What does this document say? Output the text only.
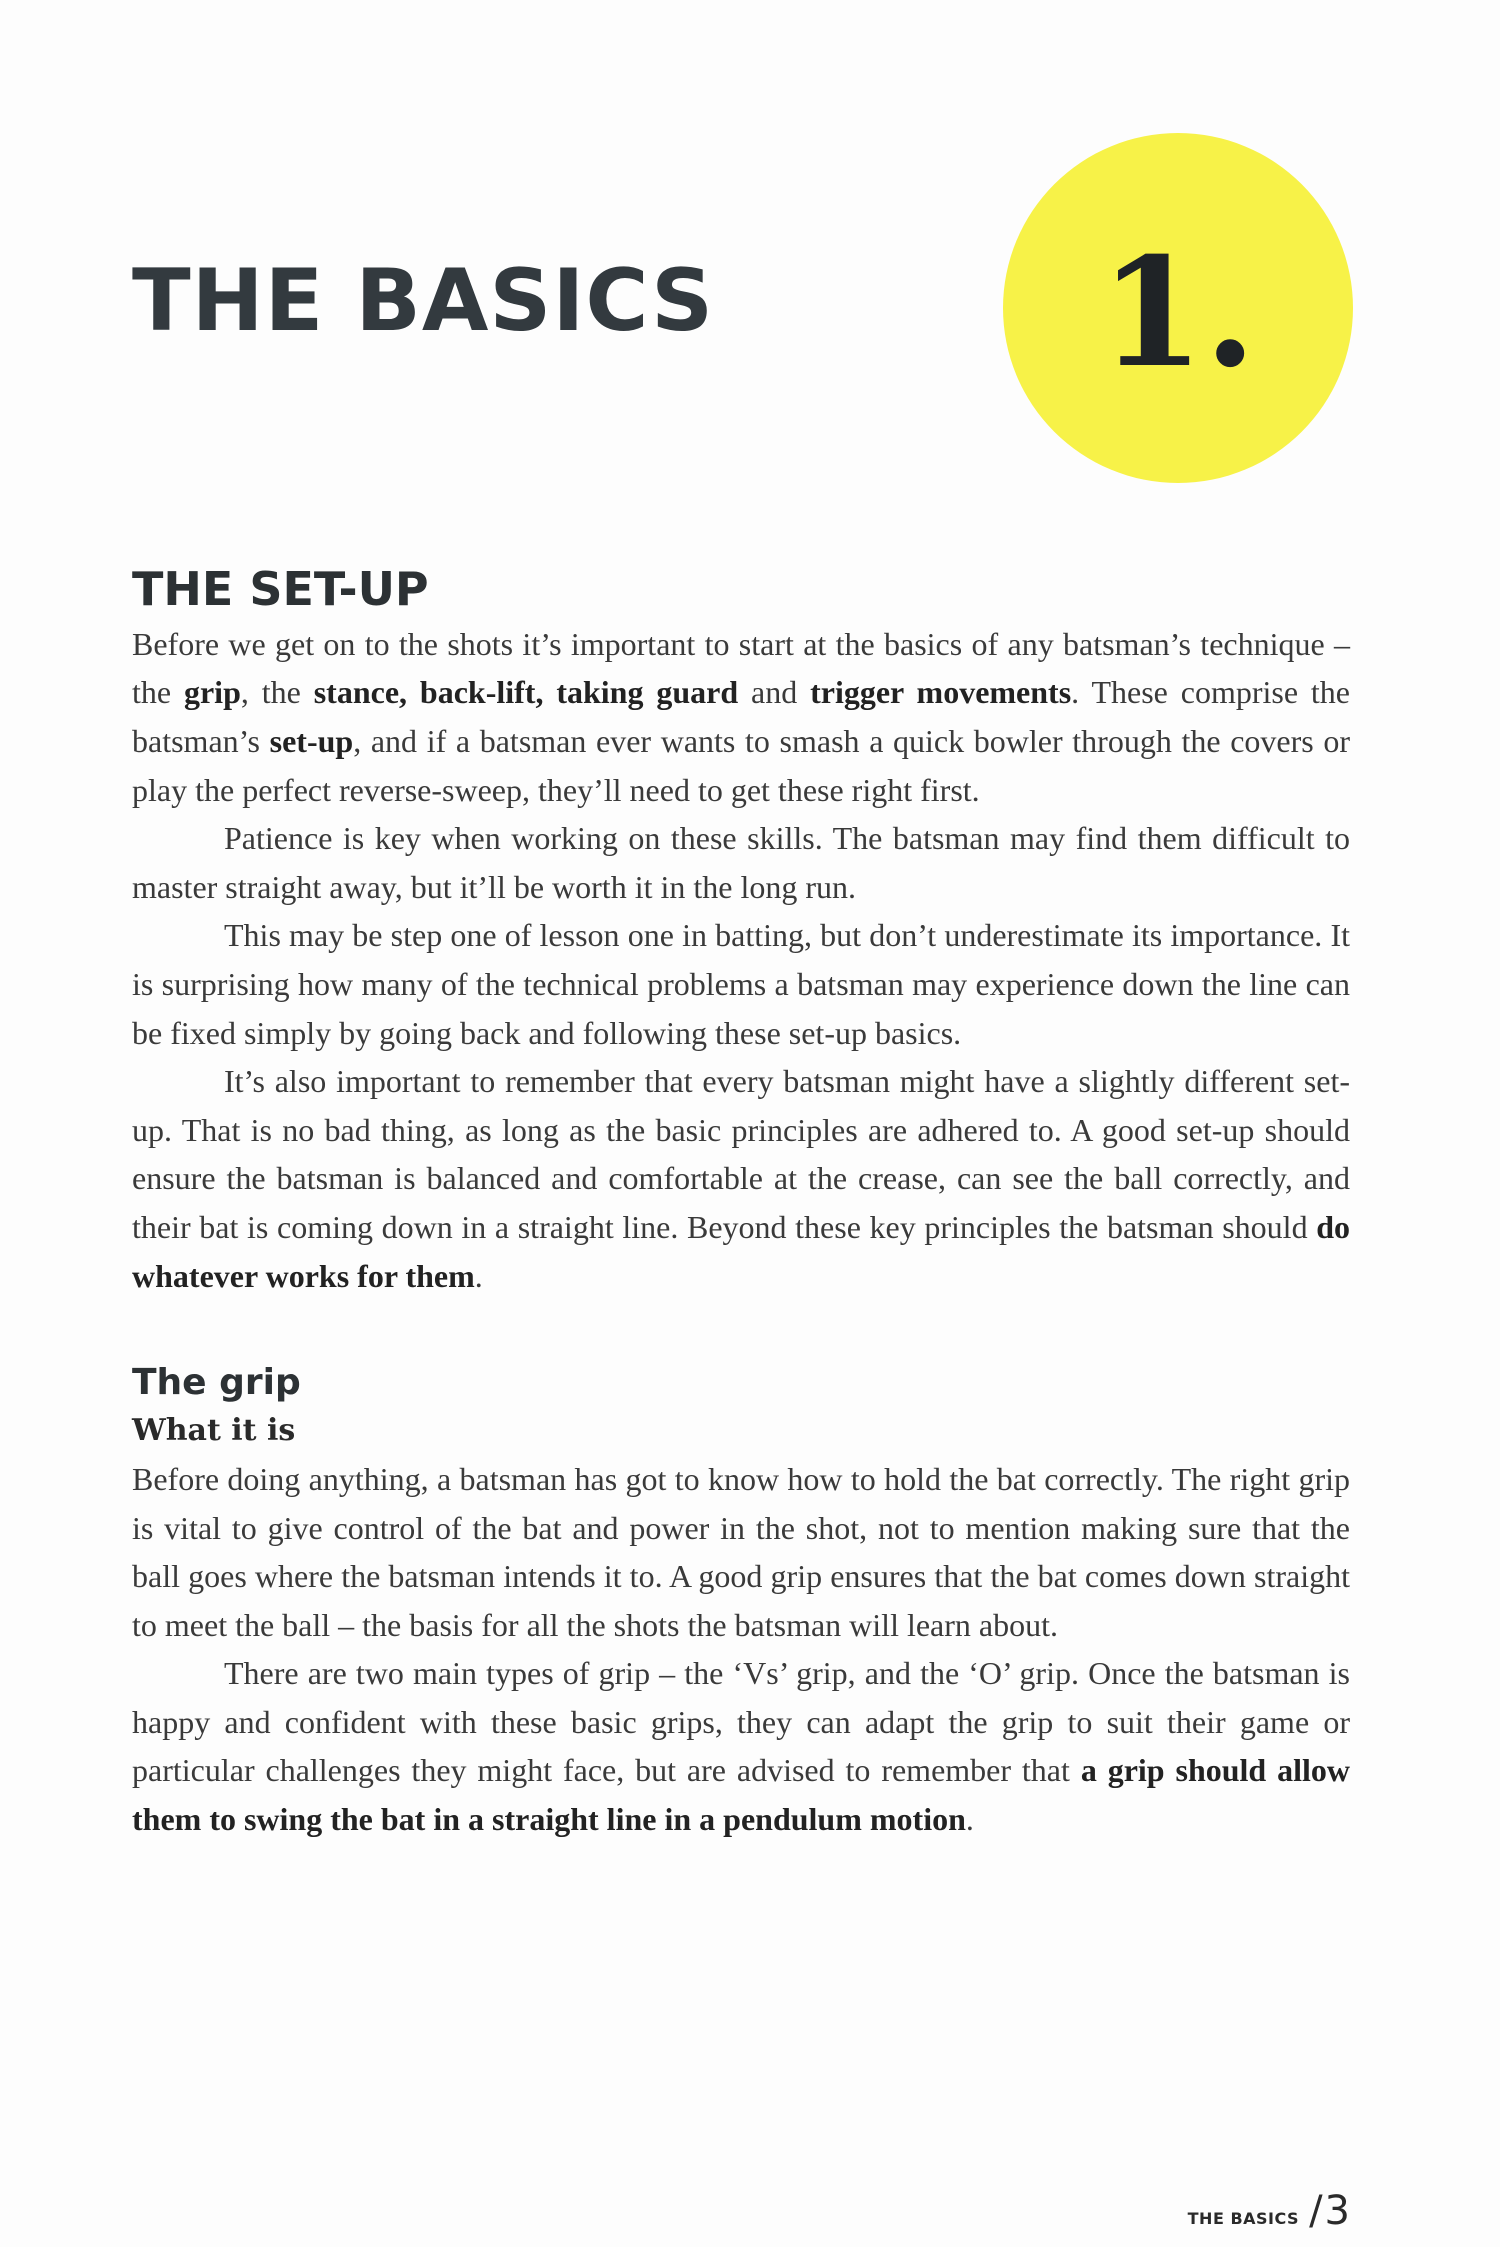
THE BASICS	1.
THE SET-UP

Before we get on to the shots it’s important to start at the basics of any batsman’s technique – the grip, the stance, back-lift, taking guard and trigger movements. These comprise the batsman’s set-up, and if a batsman ever wants to smash a quick bowler through the covers or play the perfect reverse-sweep, they’ll need to get these right first.

Patience is key when working on these skills. The batsman may find them difficult to master straight away, but it’ll be worth it in the long run.

This may be step one of lesson one in batting, but don’t underestimate its importance. It is surprising how many of the technical problems a batsman may experience down the line can be fixed simply by going back and following these set-up basics.

It’s also important to remember that every batsman might have a slightly different set-up. That is no bad thing, as long as the basic principles are adhered to. A good set-up should ensure the batsman is balanced and comfortable at the crease, can see the ball correctly, and their bat is coming down in a straight line. Beyond these key principles the batsman should do whatever works for them.

The grip
What it is

Before doing anything, a batsman has got to know how to hold the bat correctly. The right grip is vital to give control of the bat and power in the shot, not to mention making sure that the ball goes where the batsman intends it to. A good grip ensures that the bat comes down straight to meet the ball – the basis for all the shots the batsman will learn about.

There are two main types of grip – the ‘Vs’ grip, and the ‘O’ grip. Once the batsman is happy and confident with these basic grips, they can adapt the grip to suit their game or particular challenges they might face, but are advised to remember that a grip should allow them to swing the bat in a straight line in a pendulum motion.

THE BASICS / 3
